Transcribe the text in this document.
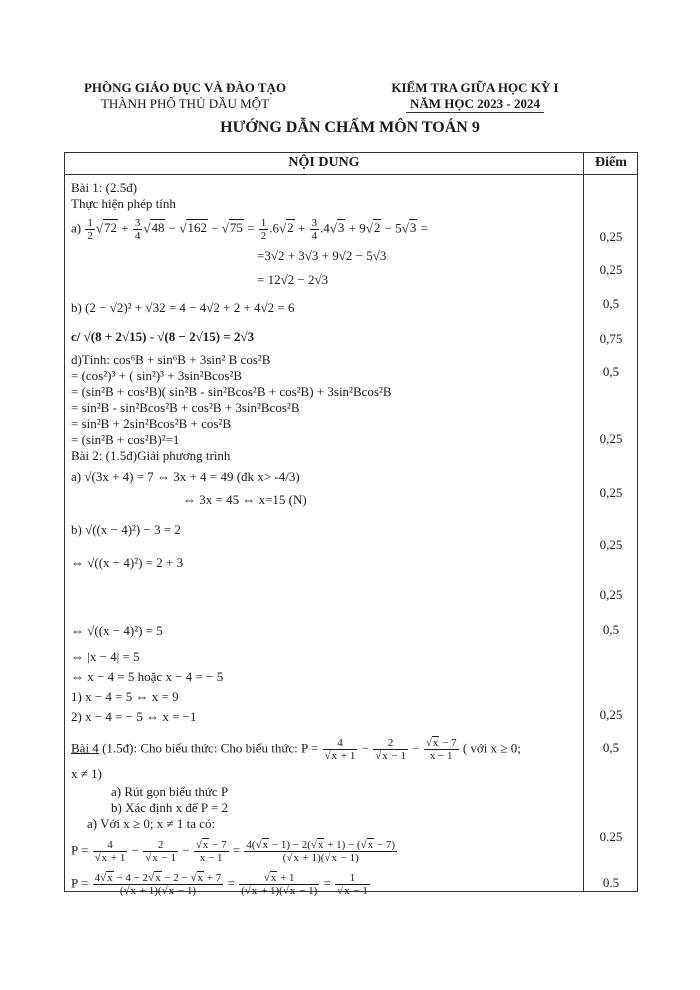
PHÒNG GIÁO DỤC VÀ ĐÀO TẠO
THÀNH PHỐ THỦ DẦU MỘT
KIỂM TRA GIỮA HỌC KỲ I
NĂM HỌC 2023 - 2024
HƯỚNG DẪN CHẤM MÔN TOÁN 9
NỘI DUNG	Điểm
Bài 1: (2.5đ)
Thực hiện phép tính
$a) \frac{1}{2} √72 + \frac{3}{4} √48 - √162 - √75 = \frac{1}{2} .6√2 + \frac{3}{4} .4√3 + 9√2 - 5√3$ =
=3√2 + 3√3 + 9√2 − 5√3
= 12√2 − 2√3
b) (2 − √2)² + √32 = 4 − 4√2 + 2 + 4√2 = 6
c/ √(8 + 2√15) - √(8 − 2√15) = 2√3
d)Tính: cos⁶B + sin⁶B + 3sin² B cos²B
= (cos²)³ + ( sin²)³ + 3sin²Bcos²B
= (sin²B + cos²B)( sin²B - sin²Bcos²B + cos²B) + 3sin²Bcos²B
= sin²B - sin²Bcos²B + cos²B + 3sin²Bcos²B
= sin²B + 2sin²Bcos²B + cos²B
= (sin²B + cos²B)²=1
Bài 2: (1.5đ)Giải phương trình
a) √(3x + 4) = 7 ⇔ 3x + 4 = 49 (đk x> -4/3)
⇔ 3x = 45 ⇔ x=15 (N)
b) √((x − 4)²) − 3 = 2
⇔ √((x − 4)²) = 2 + 3
⇔ √((x − 4)²) = 5
⇔ |x − 4| = 5
⇔ x − 4 = 5 hoặc x − 4 = − 5
1) x − 4 = 5 ⇔ x = 9
2) x − 4 = − 5 ⇔ x = −1
Bài 4 (1.5đ): Cho biểu thức: Cho biểu thức: $P = \frac{4}{√x + 1} - \frac{2}{√x - 1} - \frac{√x - 7}{x - 1}$ ( với x ≥ 0;
x ≠ 1)
a) Rút gọn biểu thức P
b) Xác định x để P = 2
a) Với x ≥ 0; x ≠ 1 ta có:
$P = \frac{4}{√x + 1} - \frac{2}{√x - 1} - \frac{√x - 7}{x - 1} = \frac{4(√x - 1) - 2(√x + 1) - (√x - 7)}{(√x + 1)(√x - 1)}$
$P = \frac{4√x - 4 - 2√x - 2 - √x + 7}{(√x + 1)(√x - 1)} = \frac{√x + 1}{(√x + 1)(√x - 1)} = \frac{1}{√x - 1}$
0,25
0,25
0,5
0,75
0,5
0,25
0,25
0,25
0,25
0,5
0,25
0,5
0.25
0.5
